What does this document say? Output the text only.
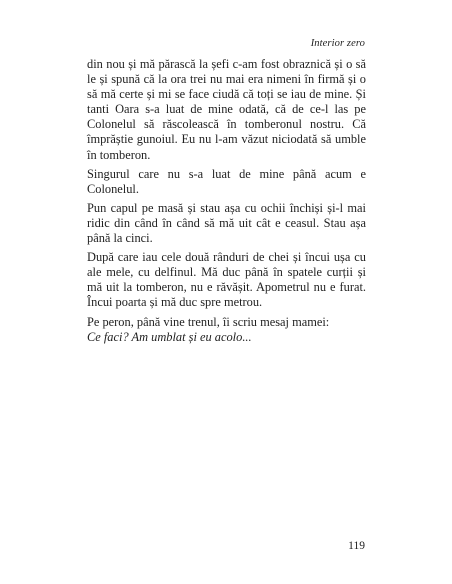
Interior zero

din nou și mă părască la șefi c-am fost obraznică și o să le și spună că la ora trei nu mai era nimeni în firmă și o să mă certe și mi se face ciudă că toți se iau de mine. Și tanti Oara s-a luat de mine odată, că de ce-l las pe Colonelul să răscolească în tomberonul nostru. Că împrăștie gunoiul. Eu nu l-am văzut niciodată să umble în tomberon.

Singurul care nu s-a luat de mine până acum e Colonelul.

Pun capul pe masă și stau așa cu ochii închiși și-l mai ridic din când în când să mă uit cât e ceasul. Stau așa până la cinci.

După care iau cele două rânduri de chei și încui ușa cu ale mele, cu delfinul. Mă duc până în spatele curții și mă uit la tomberon, nu e răvășit. Apometrul nu e furat. Încui poarta și mă duc spre metrou.

Pe peron, până vine trenul, îi scriu mesaj mamei:
Ce faci? Am umblat și eu acolo...

119
